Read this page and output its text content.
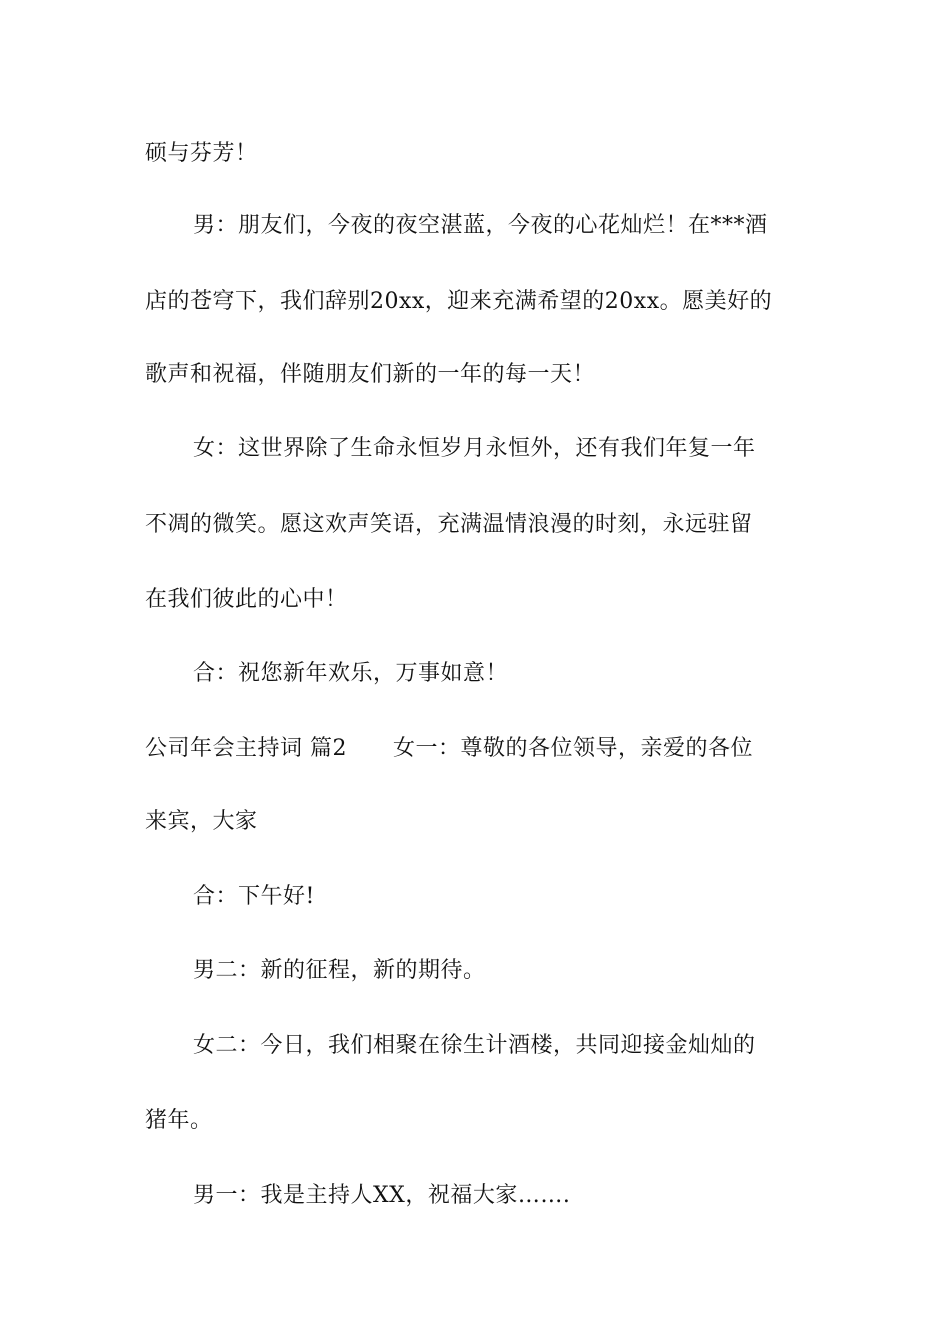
硕与芬芳！
男：朋友们，今夜的夜空湛蓝，今夜的心花灿烂！在***酒
店的苍穹下，我们辞别20xx，迎来充满希望的20xx。愿美好的
歌声和祝福，伴随朋友们新的一年的每一天！
女：这世界除了生命永恒岁月永恒外，还有我们年复一年
不凋的微笑。愿这欢声笑语，充满温情浪漫的时刻，永远驻留
在我们彼此的心中！
合：祝您新年欢乐，万事如意！
公司年会主持词 篇2 女一：尊敬的各位领导，亲爱的各位
来宾，大家
合：下午好!
男二：新的征程，新的期待。
女二：今日，我们相聚在徐生计酒楼，共同迎接金灿灿的
猪年。
男一：我是主持人XX，祝福大家…….
